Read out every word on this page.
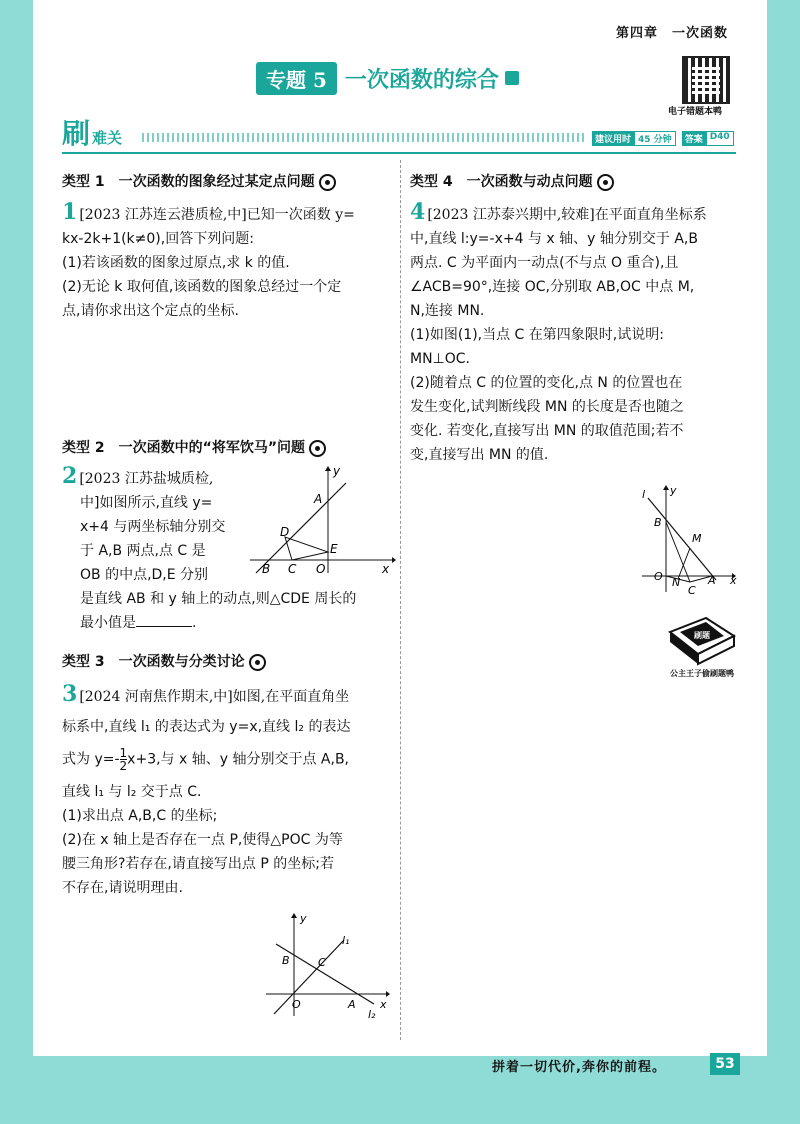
第四章　一次函数
专题 5 一次函数的综合
电子错题本鸭
刷 难关	建议用时 45 分钟	答案 D40
类型 1　一次函数的图象经过某定点问题

1 [2023 江苏连云港质检,中]已知一次函数 y=

kx-2k+1(k≠0),回答下列问题:

(1)若该函数的图象过原点,求 k 的值.

(2)无论 k 取何值,该函数的图象总经过一个定

点,请你求出这个定点的坐标.

类型 2　一次函数中的“将军饮马”问题

2 [2023 江苏盐城质检,

中]如图所示,直线 y=

x+4 与两坐标轴分别交

于 A,B 两点,点 C 是

OB 的中点,D,E 分别

是直线 AB 和 y 轴上的动点,则△CDE 周长的

最小值是	.

y
A
D
E
B C O	x
类型 3　一次函数与分类讨论

3 [2024 河南焦作期末,中]如图,在平面直角坐

标系中,直线 l₁ 的表达式为 y=x,直线 l₂ 的表达

式为 $y=- \frac{1}{2} x+3$,与 x 轴、y 轴分别交于点 A,B,

直线 l₁ 与 l₂ 交于点 C.

(1)求出点 A,B,C 的坐标;

(2)在 x 轴上是否存在一点 P,使得△POC 为等

腰三角形?若存在,请直接写出点 P 的坐标;若

不存在,请说明理由.

y
l₁
B	C
O	A x
l₂
类型 4　一次函数与动点问题

4 [2023 江苏泰兴期中,较难]在平面直角坐标系

中,直线 l:y=-x+4 与 x 轴、y 轴分别交于 A,B

两点. C 为平面内一动点(不与点 O 重合),且

∠ACB=90°,连接 OC,分别取 AB,OC 中点 M,

N,连接 MN.

(1)如图(1),当点 C 在第四象限时,试说明:

MN⊥OC.

(2)随着点 C 的位置的变化,点 N 的位置也在

发生变化,试判断线段 MN 的长度是否也随之

变化. 若变化,直接写出 MN 的取值范围;若不

变,直接写出 MN 的值.

l y
B
M
O N
C
A x
刷题
公主王子偷刷题鸭
拼着一切代价,奔你的前程。	53
